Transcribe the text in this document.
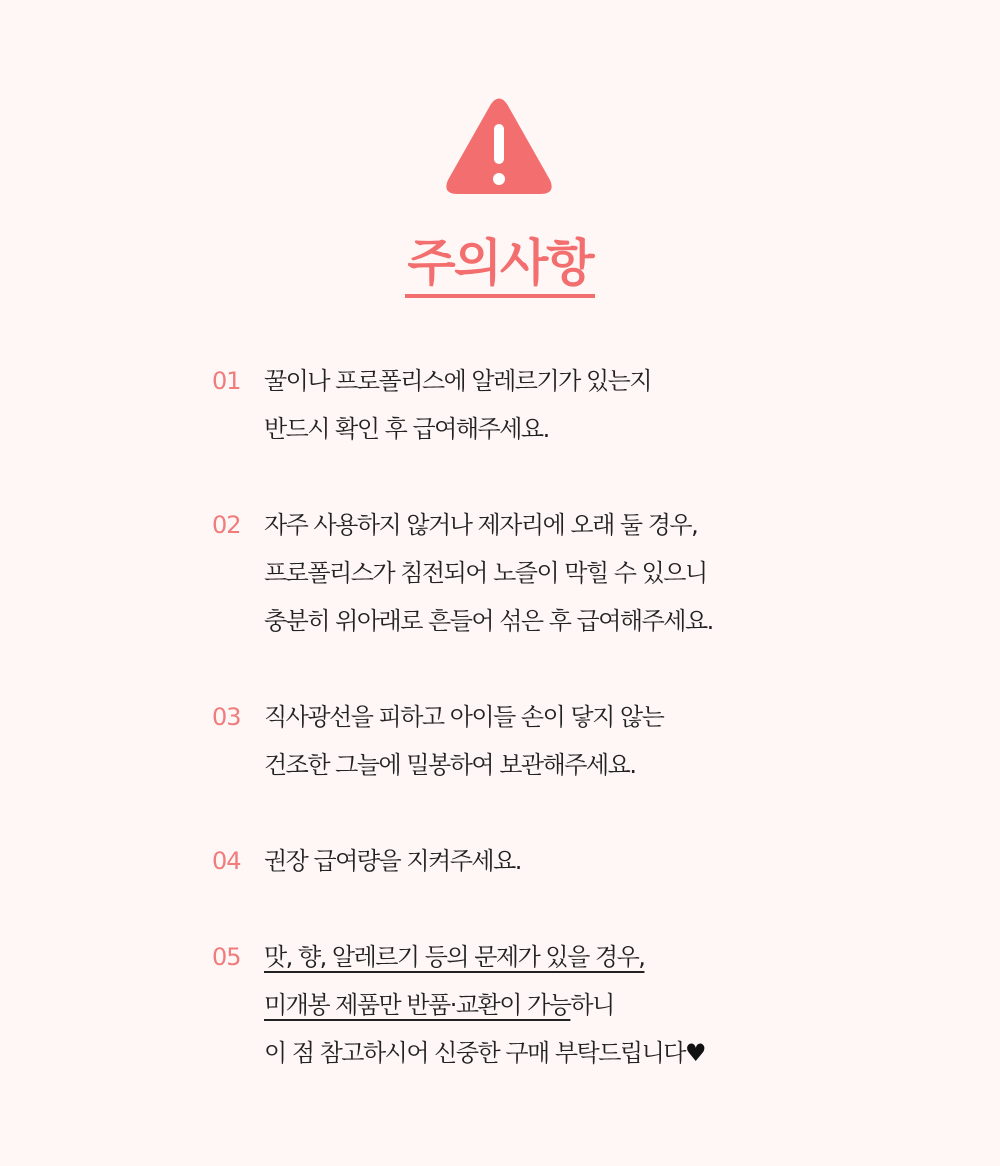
주의사항
01 꿀이나 프로폴리스에 알레르기가 있는지
반드시 확인 후 급여해주세요.
02 자주 사용하지 않거나 제자리에 오래 둘 경우,
프로폴리스가 침전되어 노즐이 막힐 수 있으니
충분히 위아래로 흔들어 섞은 후 급여해주세요.
03 직사광선을 피하고 아이들 손이 닿지 않는
건조한 그늘에 밀봉하여 보관해주세요.
04 권장 급여량을 지켜주세요.
05 맛, 향, 알레르기 등의 문제가 있을 경우,
미개봉 제품만 반품·교환이 가능하니
이 점 참고하시어 신중한 구매 부탁드립니다♥
